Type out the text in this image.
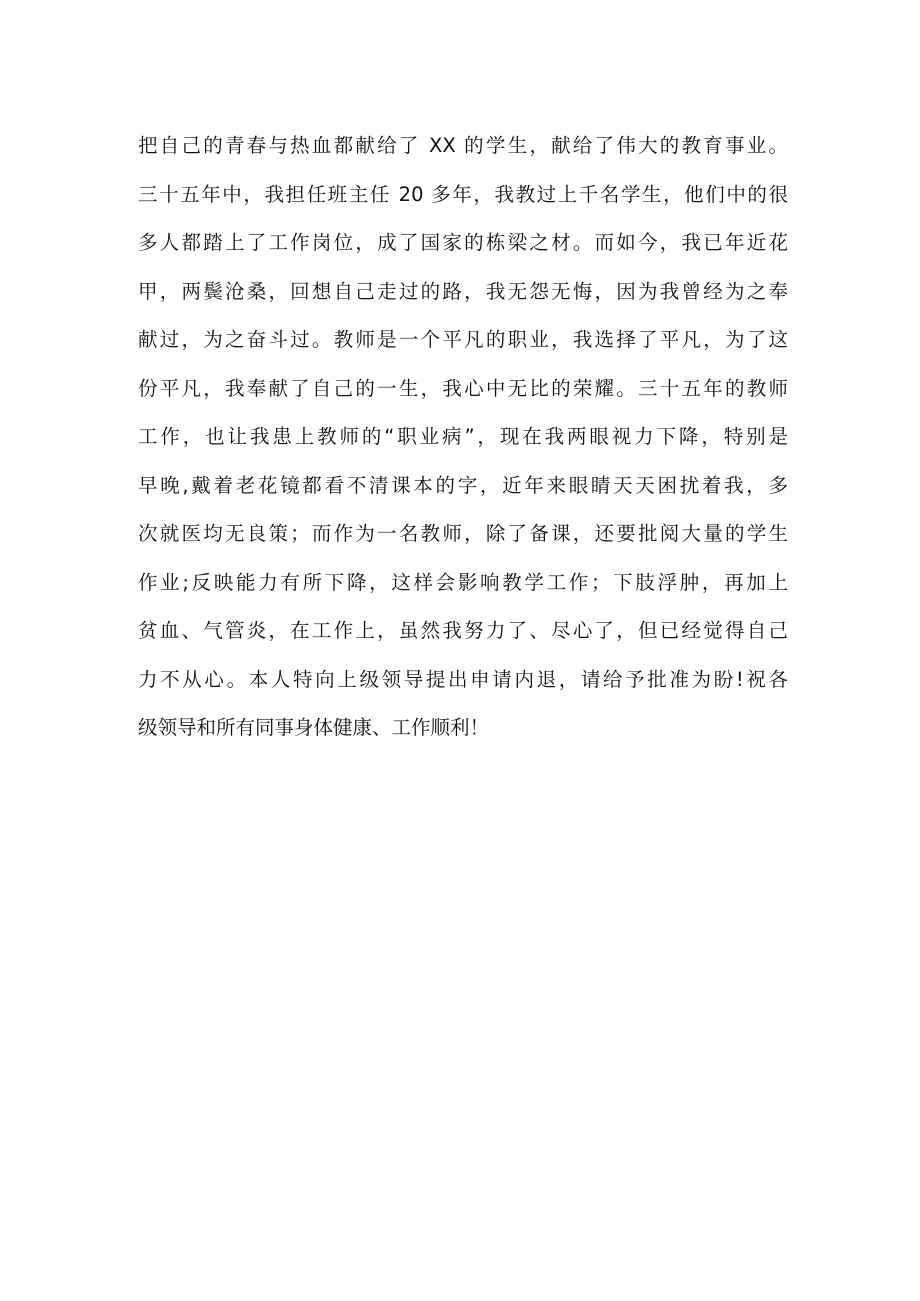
把自己的青春与热血都献给了 XX 的学生，献给了伟大的教育事业。
三十五年中，我担任班主任 20 多年，我教过上千名学生，他们中的很
多人都踏上了工作岗位，成了国家的栋梁之材。而如今，我已年近花
甲，两鬓沧桑，回想自己走过的路，我无怨无悔，因为我曾经为之奉
献过，为之奋斗过。教师是一个平凡的职业，我选择了平凡，为了这
份平凡，我奉献了自己的一生，我心中无比的荣耀。三十五年的教师
工作，也让我患上教师的“职业病”，现在我两眼视力下降，特别是
早晚,戴着老花镜都看不清课本的字，近年来眼睛天天困扰着我，多
次就医均无良策；而作为一名教师，除了备课，还要批阅大量的学生
作业;反映能力有所下降，这样会影响教学工作；下肢浮肿，再加上
贫血、气管炎，在工作上，虽然我努力了、尽心了，但已经觉得自己
力不从心。本人特向上级领导提出申请内退，请给予批准为盼!祝各
级领导和所有同事身体健康、工作顺利！
